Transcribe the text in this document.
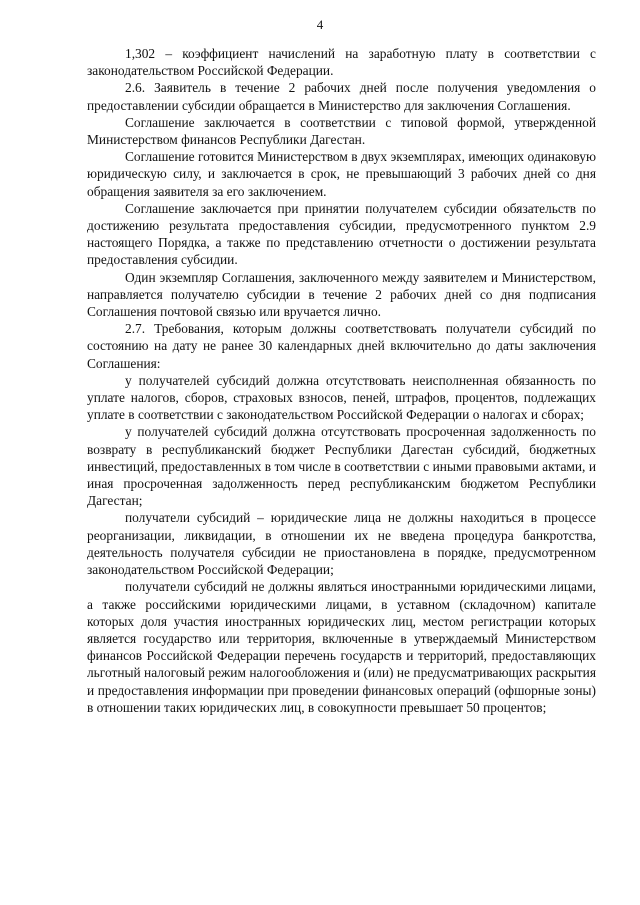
4

1,302 – коэффициент начислений на заработную плату в соответствии с законодательством Российской Федерации.

2.6. Заявитель в течение 2 рабочих дней после получения уведомления о предоставлении субсидии обращается в Министерство для заключения Соглашения.

Соглашение заключается в соответствии с типовой формой, утвержденной Министерством финансов Республики Дагестан.

Соглашение готовится Министерством в двух экземплярах, имеющих одинаковую юридическую силу, и заключается в срок, не превышающий 3 рабочих дней со дня обращения заявителя за его заключением.

Соглашение заключается при принятии получателем субсидии обязательств по достижению результата предоставления субсидии, предусмотренного пунктом 2.9 настоящего Порядка, а также по представлению отчетности о достижении результата предоставления субсидии.

Один экземпляр Соглашения, заключенного между заявителем и Министерством, направляется получателю субсидии в течение 2 рабочих дней со дня подписания Соглашения почтовой связью или вручается лично.

2.7. Требования, которым должны соответствовать получатели субсидий по состоянию на дату не ранее 30 календарных дней включительно до даты заключения Соглашения:

у получателей субсидий должна отсутствовать неисполненная обязанность по уплате налогов, сборов, страховых взносов, пеней, штрафов, процентов, подлежащих уплате в соответствии с законодательством Российской Федерации о налогах и сборах;

у получателей субсидий должна отсутствовать просроченная задолженность по возврату в республиканский бюджет Республики Дагестан субсидий, бюджетных инвестиций, предоставленных в том числе в соответствии с иными правовыми актами, и иная просроченная задолженность перед республиканским бюджетом Республики Дагестан;

получатели субсидий – юридические лица не должны находиться в процессе реорганизации, ликвидации, в отношении их не введена процедура банкротства, деятельность получателя субсидии не приостановлена в порядке, предусмотренном законодательством Российской Федерации;

получатели субсидий не должны являться иностранными юридическими лицами, а также российскими юридическими лицами, в уставном (складочном) капитале которых доля участия иностранных юридических лиц, местом регистрации которых является государство или территория, включенные в утверждаемый Министерством финансов Российской Федерации перечень государств и территорий, предоставляющих льготный налоговый режим налогообложения и (или) не предусматривающих раскрытия и предоставления информации при проведении финансовых операций (офшорные зоны) в отношении таких юридических лиц, в совокупности превышает 50 процентов;
